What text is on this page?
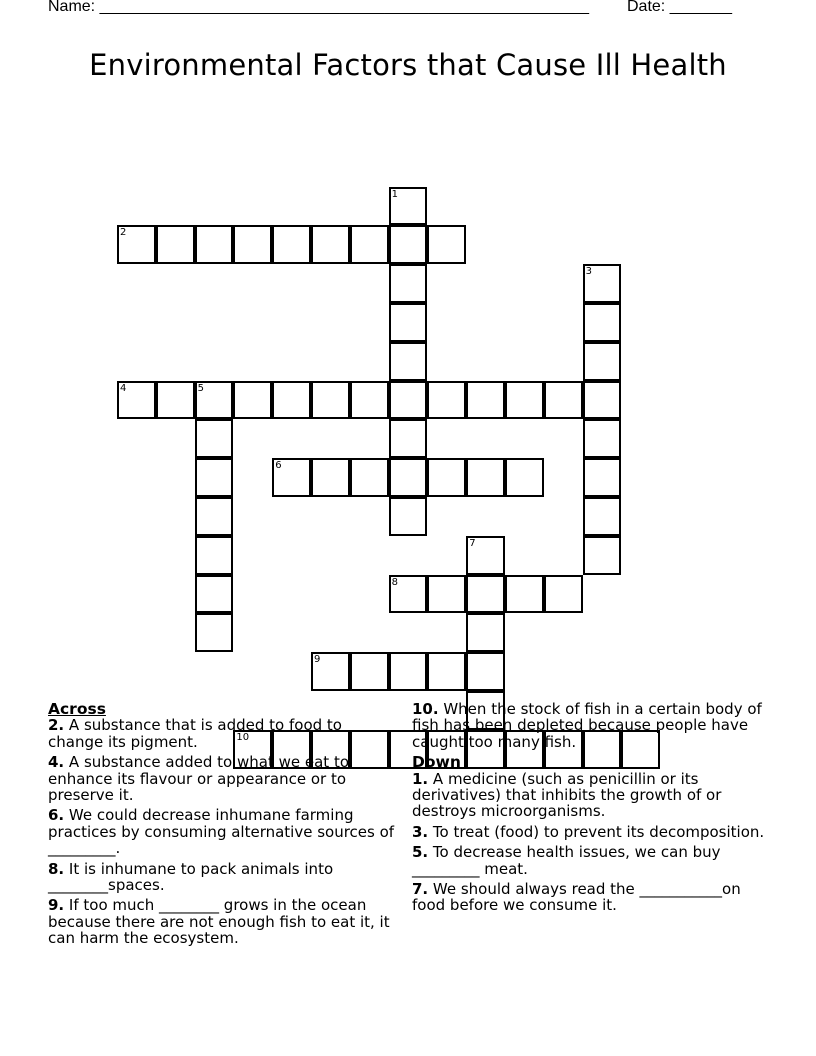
Name: _______________________________________________________ Date: _______
Environmental Factors that Cause Ill Health
1
2
3
4	5
6
7
8
9
10
Across
2. A substance that is added to food to change its pigment.
4. A substance added to what we eat to enhance its flavour or appearance or to preserve it.
6. We could decrease inhumane farming practices by consuming alternative sources of _________.
8. It is inhumane to pack animals into ________spaces.
9. If too much ________ grows in the ocean because there are not enough fish to eat it, it can harm the ecosystem.
10. When the stock of fish in a certain body of fish has been depleted because people have caught too many fish.
Down
1. A medicine (such as penicillin or its derivatives) that inhibits the growth of or destroys microorganisms.
3. To treat (food) to prevent its decomposition.
5. To decrease health issues, we can buy _________ meat.
7. We should always read the ___________on food before we consume it.
